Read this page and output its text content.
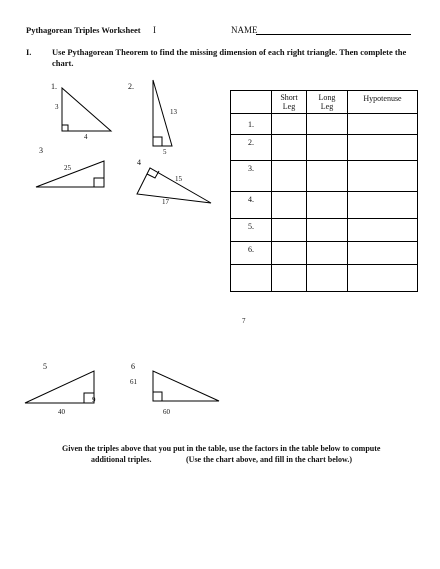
Pythagorean Triples Worksheet I	NAME
I. Use Pythagorean Theorem to find the missing dimension of each right triangle. Then complete the
chart.
1.
3
4
2.
13
5
3
25
4
15
17
5
9
40
6
61
60
	Short
Leg	Long
Leg	Hypotenuse
1.			
2.			
3.			
4.			
5.			
6.			

7
Given the triples above that you put in the table, use the factors in the table below to compute
additional triples.	(Use the chart above, and fill in the chart below.)
